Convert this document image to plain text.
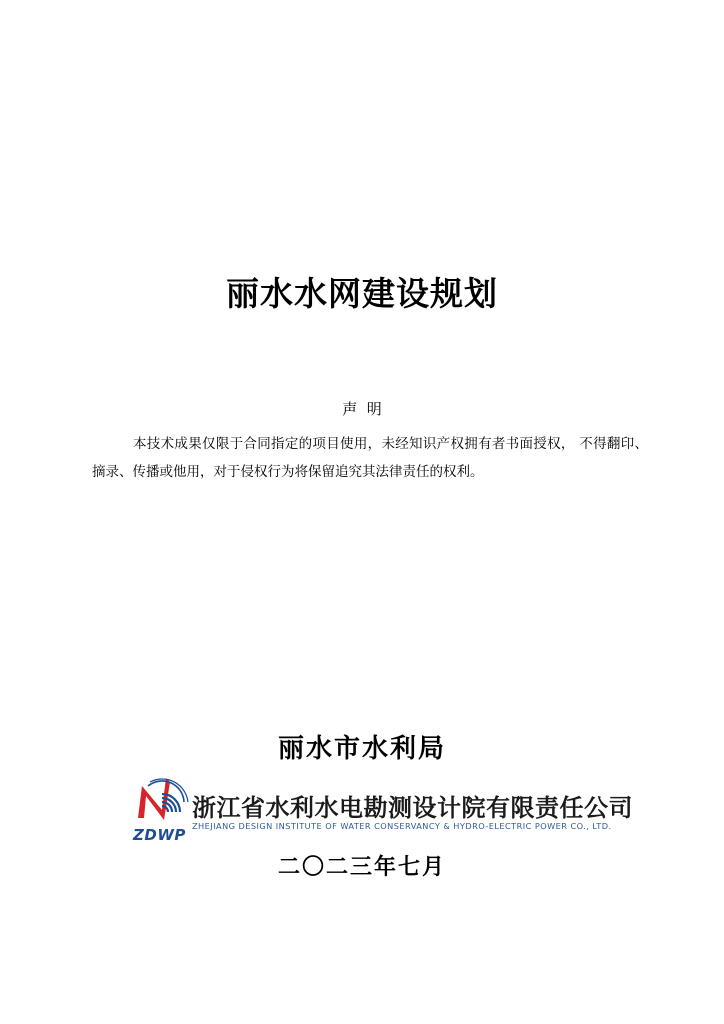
丽水水网建设规划
声  明
本技术成果仅限于合同指定的项目使用，未经知识产权拥有者书面授权， 不得翻印、摘录、传播或他用，对于侵权行为将保留追究其法律责任的权利。
丽水市水利局
ZDWP
浙江省水利水电勘测设计院有限责任公司
ZHEJIANG DESIGN INSTITUTE OF WATER CONSERVANCY & HYDRO-ELECTRIC POWER CO., LTD.
二〇二三年七月
